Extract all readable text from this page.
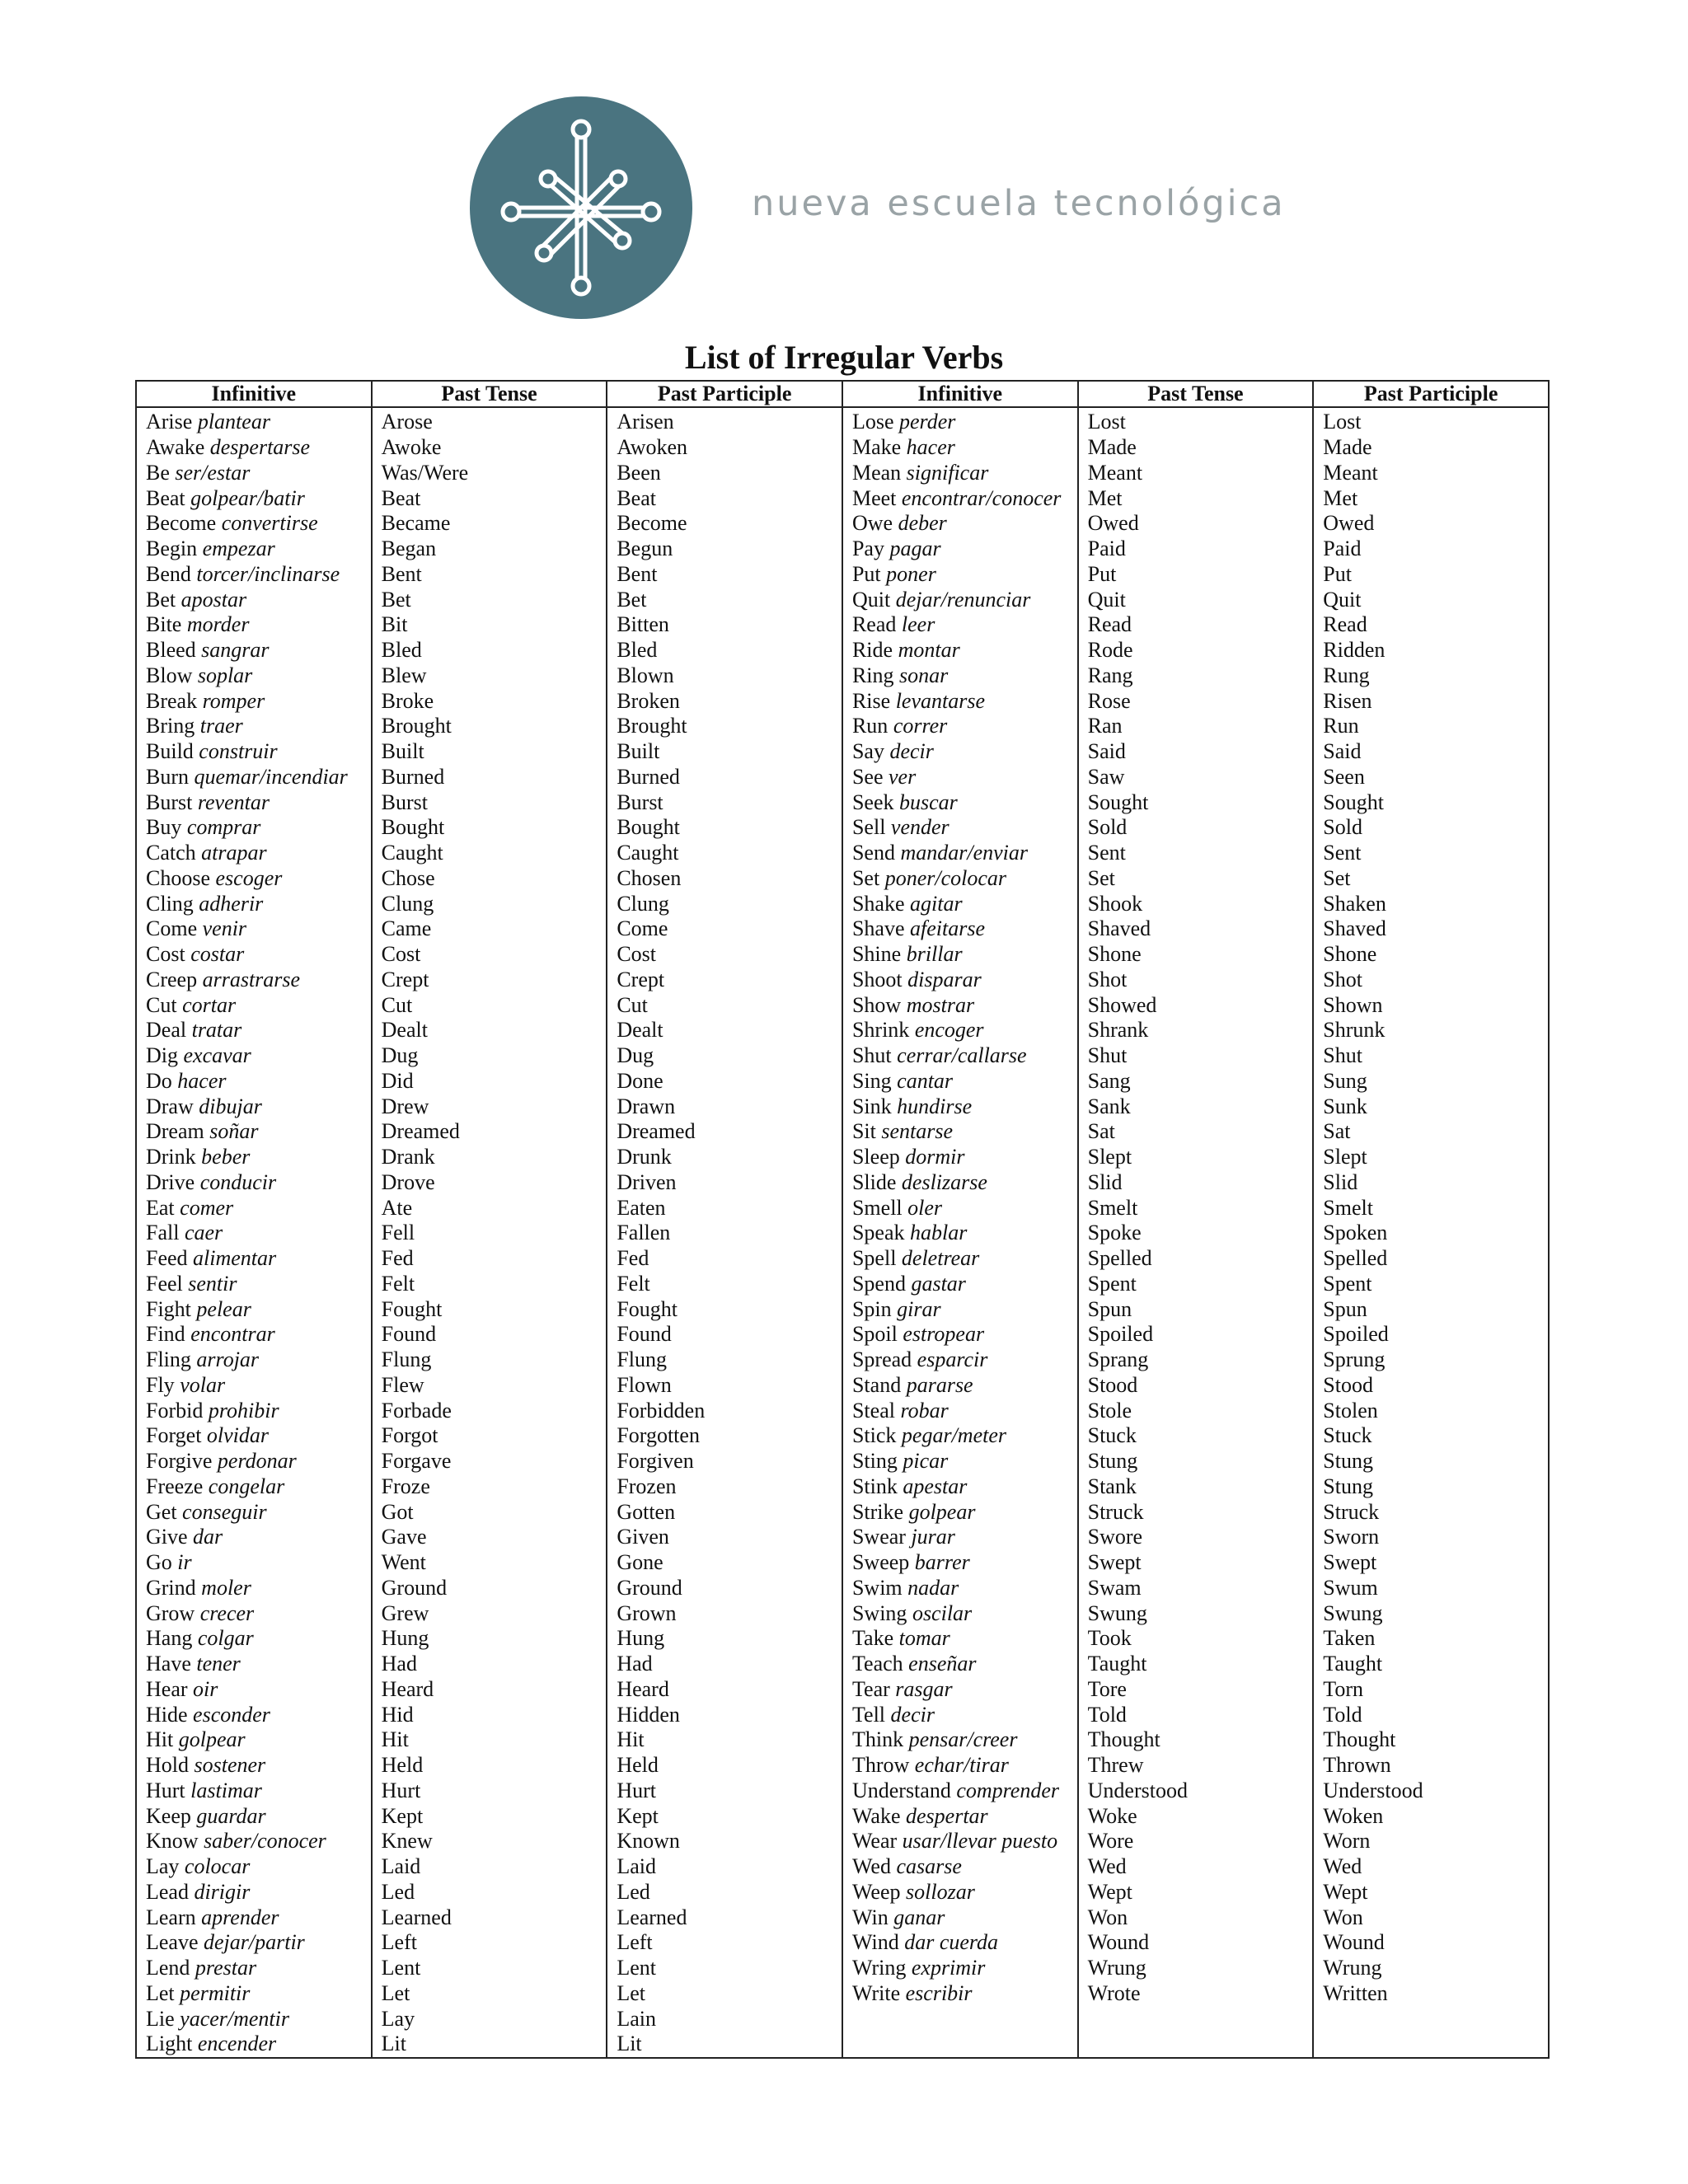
nueva escuela tecnológica
List of Irregular Verbs
Infinitive	Past Tense	Past Participle	Infinitive	Past Tense	Past Participle
Arise plantear	Arose	Arisen	Lose perder	Lost	Lost
Awake despertarse	Awoke	Awoken	Make hacer	Made	Made
Be ser/estar	Was/Were	Been	Mean significar	Meant	Meant
Beat golpear/batir	Beat	Beat	Meet encontrar/conocer	Met	Met
Become convertirse	Became	Become	Owe deber	Owed	Owed
Begin empezar	Began	Begun	Pay pagar	Paid	Paid
Bend torcer/inclinarse	Bent	Bent	Put poner	Put	Put
Bet apostar	Bet	Bet	Quit dejar/renunciar	Quit	Quit
Bite morder	Bit	Bitten	Read leer	Read	Read
Bleed sangrar	Bled	Bled	Ride montar	Rode	Ridden
Blow soplar	Blew	Blown	Ring sonar	Rang	Rung
Break romper	Broke	Broken	Rise levantarse	Rose	Risen
Bring traer	Brought	Brought	Run correr	Ran	Run
Build construir	Built	Built	Say decir	Said	Said
Burn quemar/incendiar	Burned	Burned	See ver	Saw	Seen
Burst reventar	Burst	Burst	Seek buscar	Sought	Sought
Buy comprar	Bought	Bought	Sell vender	Sold	Sold
Catch atrapar	Caught	Caught	Send mandar/enviar	Sent	Sent
Choose escoger	Chose	Chosen	Set poner/colocar	Set	Set
Cling adherir	Clung	Clung	Shake agitar	Shook	Shaken
Come venir	Came	Come	Shave afeitarse	Shaved	Shaved
Cost costar	Cost	Cost	Shine brillar	Shone	Shone
Creep arrastrarse	Crept	Crept	Shoot disparar	Shot	Shot
Cut cortar	Cut	Cut	Show mostrar	Showed	Shown
Deal tratar	Dealt	Dealt	Shrink encoger	Shrank	Shrunk
Dig excavar	Dug	Dug	Shut cerrar/callarse	Shut	Shut
Do hacer	Did	Done	Sing cantar	Sang	Sung
Draw dibujar	Drew	Drawn	Sink hundirse	Sank	Sunk
Dream soñar	Dreamed	Dreamed	Sit sentarse	Sat	Sat
Drink beber	Drank	Drunk	Sleep dormir	Slept	Slept
Drive conducir	Drove	Driven	Slide deslizarse	Slid	Slid
Eat comer	Ate	Eaten	Smell oler	Smelt	Smelt
Fall caer	Fell	Fallen	Speak hablar	Spoke	Spoken
Feed alimentar	Fed	Fed	Spell deletrear	Spelled	Spelled
Feel sentir	Felt	Felt	Spend gastar	Spent	Spent
Fight pelear	Fought	Fought	Spin girar	Spun	Spun
Find encontrar	Found	Found	Spoil estropear	Spoiled	Spoiled
Fling arrojar	Flung	Flung	Spread esparcir	Sprang	Sprung
Fly volar	Flew	Flown	Stand pararse	Stood	Stood
Forbid prohibir	Forbade	Forbidden	Steal robar	Stole	Stolen
Forget olvidar	Forgot	Forgotten	Stick pegar/meter	Stuck	Stuck
Forgive perdonar	Forgave	Forgiven	Sting picar	Stung	Stung
Freeze congelar	Froze	Frozen	Stink apestar	Stank	Stung
Get conseguir	Got	Gotten	Strike golpear	Struck	Struck
Give dar	Gave	Given	Swear jurar	Swore	Sworn
Go ir	Went	Gone	Sweep barrer	Swept	Swept
Grind moler	Ground	Ground	Swim nadar	Swam	Swum
Grow crecer	Grew	Grown	Swing oscilar	Swung	Swung
Hang colgar	Hung	Hung	Take tomar	Took	Taken
Have tener	Had	Had	Teach enseñar	Taught	Taught
Hear oir	Heard	Heard	Tear rasgar	Tore	Torn
Hide esconder	Hid	Hidden	Tell decir	Told	Told
Hit golpear	Hit	Hit	Think pensar/creer	Thought	Thought
Hold sostener	Held	Held	Throw echar/tirar	Threw	Thrown
Hurt lastimar	Hurt	Hurt	Understand comprender	Understood	Understood
Keep guardar	Kept	Kept	Wake despertar	Woke	Woken
Know saber/conocer	Knew	Known	Wear usar/llevar puesto	Wore	Worn
Lay colocar	Laid	Laid	Wed casarse	Wed	Wed
Lead dirigir	Led	Led	Weep sollozar	Wept	Wept
Learn aprender	Learned	Learned	Win ganar	Won	Won
Leave dejar/partir	Left	Left	Wind dar cuerda	Wound	Wound
Lend prestar	Lent	Lent	Wring exprimir	Wrung	Wrung
Let permitir	Let	Let	Write escribir	Wrote	Written
Lie yacer/mentir	Lay	Lain			
Light encender	Lit	Lit			
